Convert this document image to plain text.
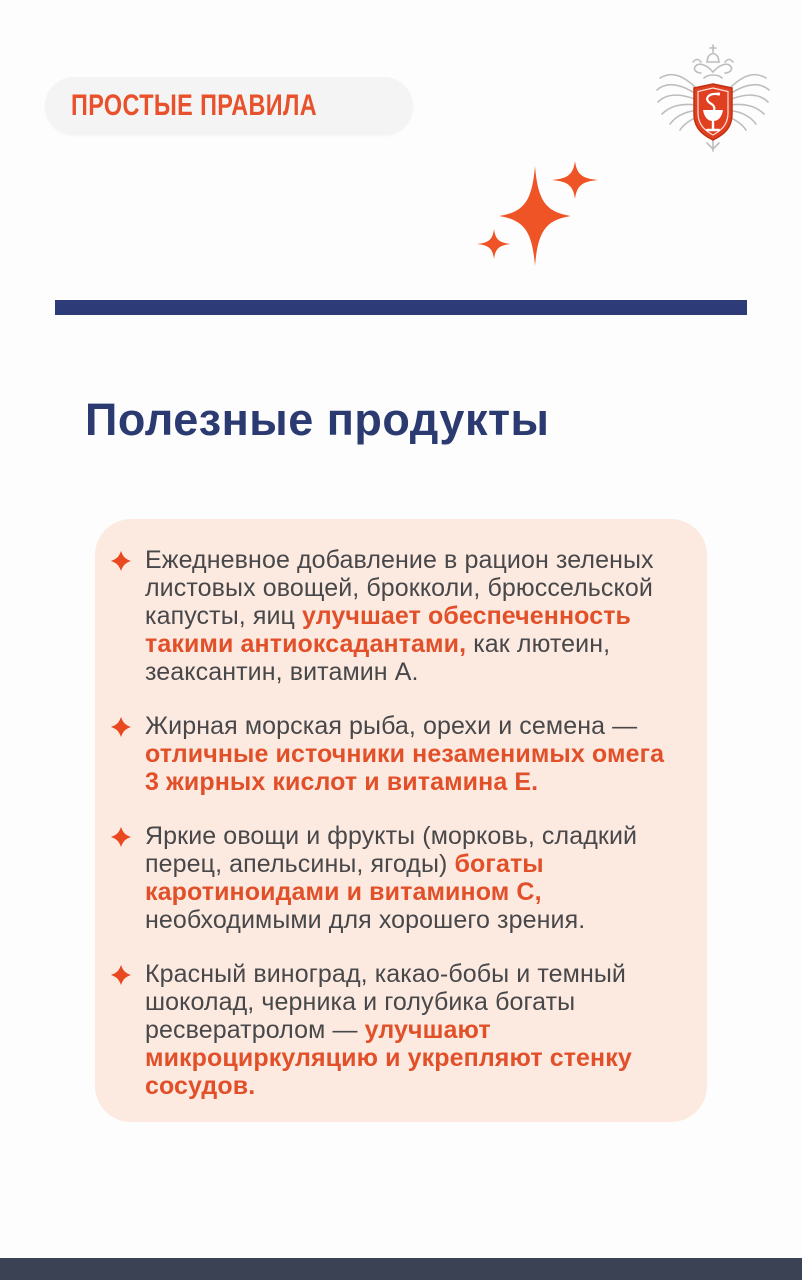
ПРОСТЫЕ ПРАВИЛА
Полезные продукты

Ежедневное добавление в рацион зеленых листовых овощей, брокколи, брюссельской капусты, яиц улучшает обеспеченность такими антиоксадантами, как лютеин, зеаксантин, витамин А.

Жирная морская рыба, орехи и семена — отличные источники незаменимых омега 3 жирных кислот и витамина Е.

Яркие овощи и фрукты (морковь, сладкий перец, апельсины, ягоды) богаты каротиноидами и витамином С, необходимыми для хорошего зрения.

Красный виноград, какао-бобы и темный шоколад, черника и голубика богаты ресвератролом — улучшают микроциркуляцию и укрепляют стенку сосудов.
